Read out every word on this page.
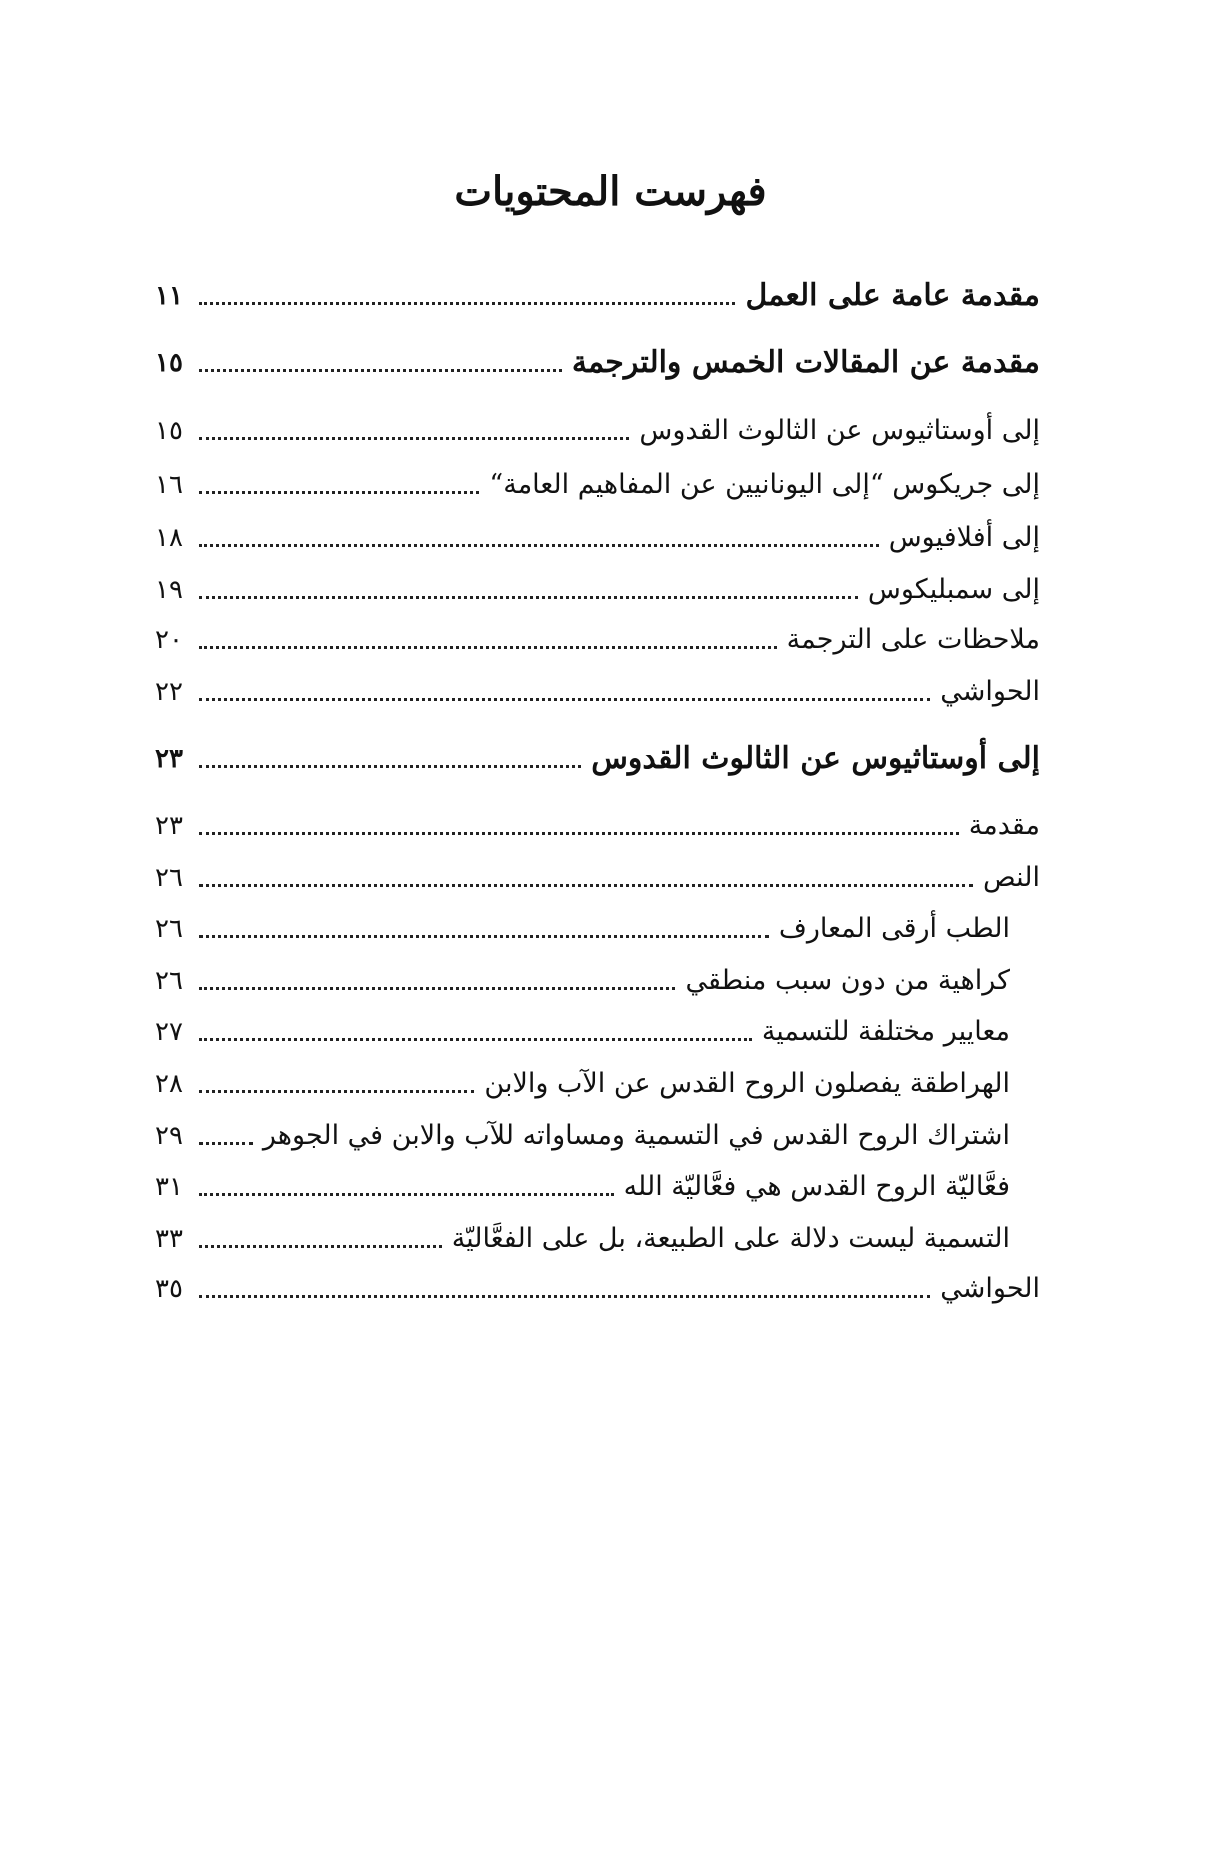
فهرست المحتويات
مقدمة عامة على العمل
١١
مقدمة عن المقالات الخمس والترجمة
١٥
إلى أوستاثيوس عن الثالوث القدوس
١٥
إلى جريكوس “إلى اليونانيين عن المفاهيم العامة“
١٦
إلى أفلافيوس
١٨
إلى سمبليكوس
١٩
ملاحظات على الترجمة
٢٠
الحواشي
٢٢
إلى أوستاثيوس عن الثالوث القدوس
٢٣
مقدمة
٢٣
النص
٢٦
الطب أرقى المعارف
٢٦
كراهية من دون سبب منطقي
٢٦
معايير مختلفة للتسمية
٢٧
الهراطقة يفصلون الروح القدس عن الآب والابن
٢٨
اشتراك الروح القدس في التسمية ومساواته للآب والابن في الجوهر
٢٩
فعَّاليّة الروح القدس هي فعَّاليّة الله
٣١
التسمية ليست دلالة على الطبيعة، بل على الفعَّاليّة
٣٣
الحواشي
٣٥
